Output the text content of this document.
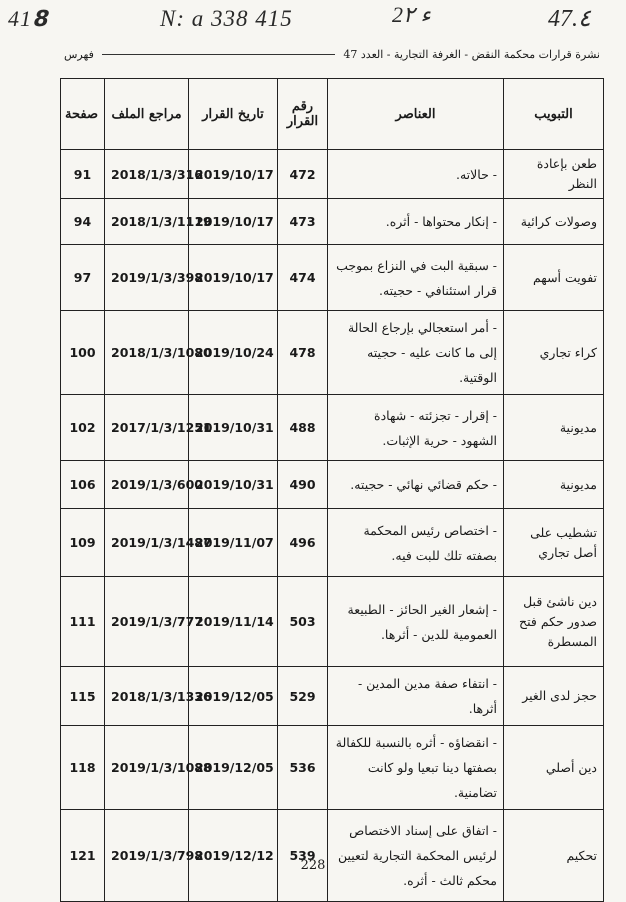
41𝟴	N: a 338 415	2ء ٢	47.٤
نشرة قرارات محكمة النقض - الغرفة التجارية - العدد 47
فهرس
التبويب	العناصر	رقم القرار	تاريخ القرار	مراجع الملف	صفحة
طعن بإعادة النظر	- حالاته.	472	2019/10/17	2018/1/3/316	91
وصولات كرائية	- إنكار محتواها - أثره.	473	2019/10/17	2018/1/3/1119	94
تفويت أسهم	- سبقية البت في النزاع بموجب قرار استئنافي - حجيته.	474	2019/10/17	2019/1/3/398	97
كراء تجاري	- أمر استعجالي بإرجاع الحالة إلى ما كانت عليه - حجيته الوقتية.	478	2019/10/24	2018/1/3/1080	100
مديونية	- إقرار - تجزئته - شهادة الشهود - حرية الإثبات.	488	2019/10/31	2017/1/3/1251	102
مديونية	- حكم قضائي نهائي - حجيته.	490	2019/10/31	2019/1/3/600	106
تشطيب على أصل تجاري	- اختصاص رئيس المحكمة بصفته تلك للبت فيه.	496	2019/11/07	2019/1/3/1487	109
دين ناشئ قبل صدور حكم فتح المسطرة	- إشعار الغير الحائز - الطبيعة العمومية للدين - أثرها.	503	2019/11/14	2019/1/3/777	111
حجز لدى الغير	- انتفاء صفة مدين المدين - أثرها.	529	2019/12/05	2018/1/3/1336	115
دين أصلي	- انقضاؤه - أثره بالنسبة للكفالة بصفتها دينا تبعيا ولو كانت تضامنية.	536	2019/12/05	2019/1/3/1088	118
تحكيم	- اتفاق على إسناد الاختصاص لرئيس المحكمة التجارية لتعيين محكم ثالث - أثره.	539	2019/12/12	2019/1/3/798	121
228
